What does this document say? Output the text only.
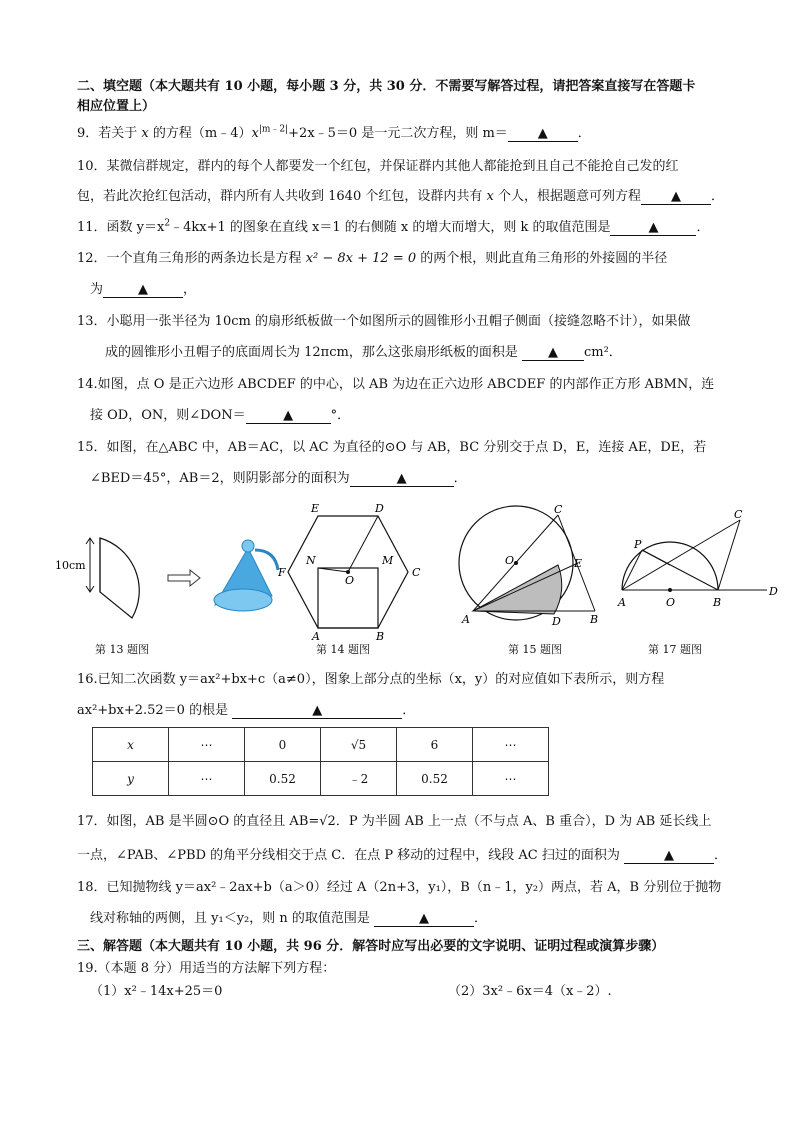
二、填空题（本大题共有 10 小题，每小题 3 分，共 30 分．不需要写解答过程，请把答案直接写在答题卡
相应位置上）
9．若关于 x 的方程$(m﹣4)x^{|m﹣2|}+2x﹣5=0$ 是一元二次方程，则 m＝ ▲ ．
10．某微信群规定，群内的每个人都要发一个红包，并保证群内其他人都能抢到且自己不能抢自己发的红
包，若此次抢红包活动，群内所有人共收到 1640 个红包，设群内共有 x 个人，根据题意可列方程 ▲ ．
11．函数 $y=x^2﹣4kx+1$ 的图象在直线 x＝1 的右侧随 x 的增大而增大，则 k 的取值范围是	▲	．
12．一个直角三角形的两条边长是方程 x² − 8x + 12 = 0 的两个根，则此直角三角形的外接圆的半径
为	▲	，
13．小聪用一张半径为 10cm 的扇形纸板做一个如图所示的圆锥形小丑帽子侧面（接缝忽略不计），如果做
成的圆锥形小丑帽子的底面周长为 12πcm，那么这张扇形纸板的面积是 ▲ cm²．
14.如图，点 O 是正六边形 ABCDEF 的中心，以 AB 为边在正六边形 ABCDEF 的内部作正方形 ABMN，连
接 OD，ON，则∠DON＝	▲	°．
15．如图，在△ABC 中，AB＝AC，以 AC 为直径的⊙O 与 AB，BC 分别交于点 D，E，连接 AE，DE，若
∠BED＝45°，AB＝2，则阴影部分的面积为	▲	．
10cm
E	D
N	M
O
F	C
A	B
C
O	E
A	D	B
C
P
A	O	B
D
第 13 题图	第 14 题图	第 15 题图	第 17 题图
16.已知二次函数 y＝ax²+bx+c（a≠0），图象上部分点的坐标（x，y）的对应值如下表所示，则方程
ax²+bx+2.52＝0 的根是	▲	．
x	⋯	0	√5	6	⋯
y	⋯	0.52	﹣2	0.52	⋯
17．如图，AB 是半圆⊙O 的直径且 AB=√2．P 为半圆 AB 上一点（不与点 A、B 重合），D 为 AB 延长线上
一点，∠PAB、∠PBD 的角平分线相交于点 C．在点 P 移动的过程中，线段 AC 扫过的面积为	▲	．
18．已知抛物线 y＝ax²﹣2ax+b（a＞0）经过 A（2n+3，y₁），B（n﹣1，y₂）两点，若 A，B 分别位于抛物
线对称轴的两侧，且 y₁＜y₂，则 n 的取值范围是	▲	．
三、解答题（本大题共有 10 小题，共 96 分．解答时应写出必要的文字说明、证明过程或演算步骤）
19.（本题 8 分）用适当的方法解下列方程：
（1）x²﹣14x+25＝0	（2）3x²﹣6x＝4（x﹣2）.
